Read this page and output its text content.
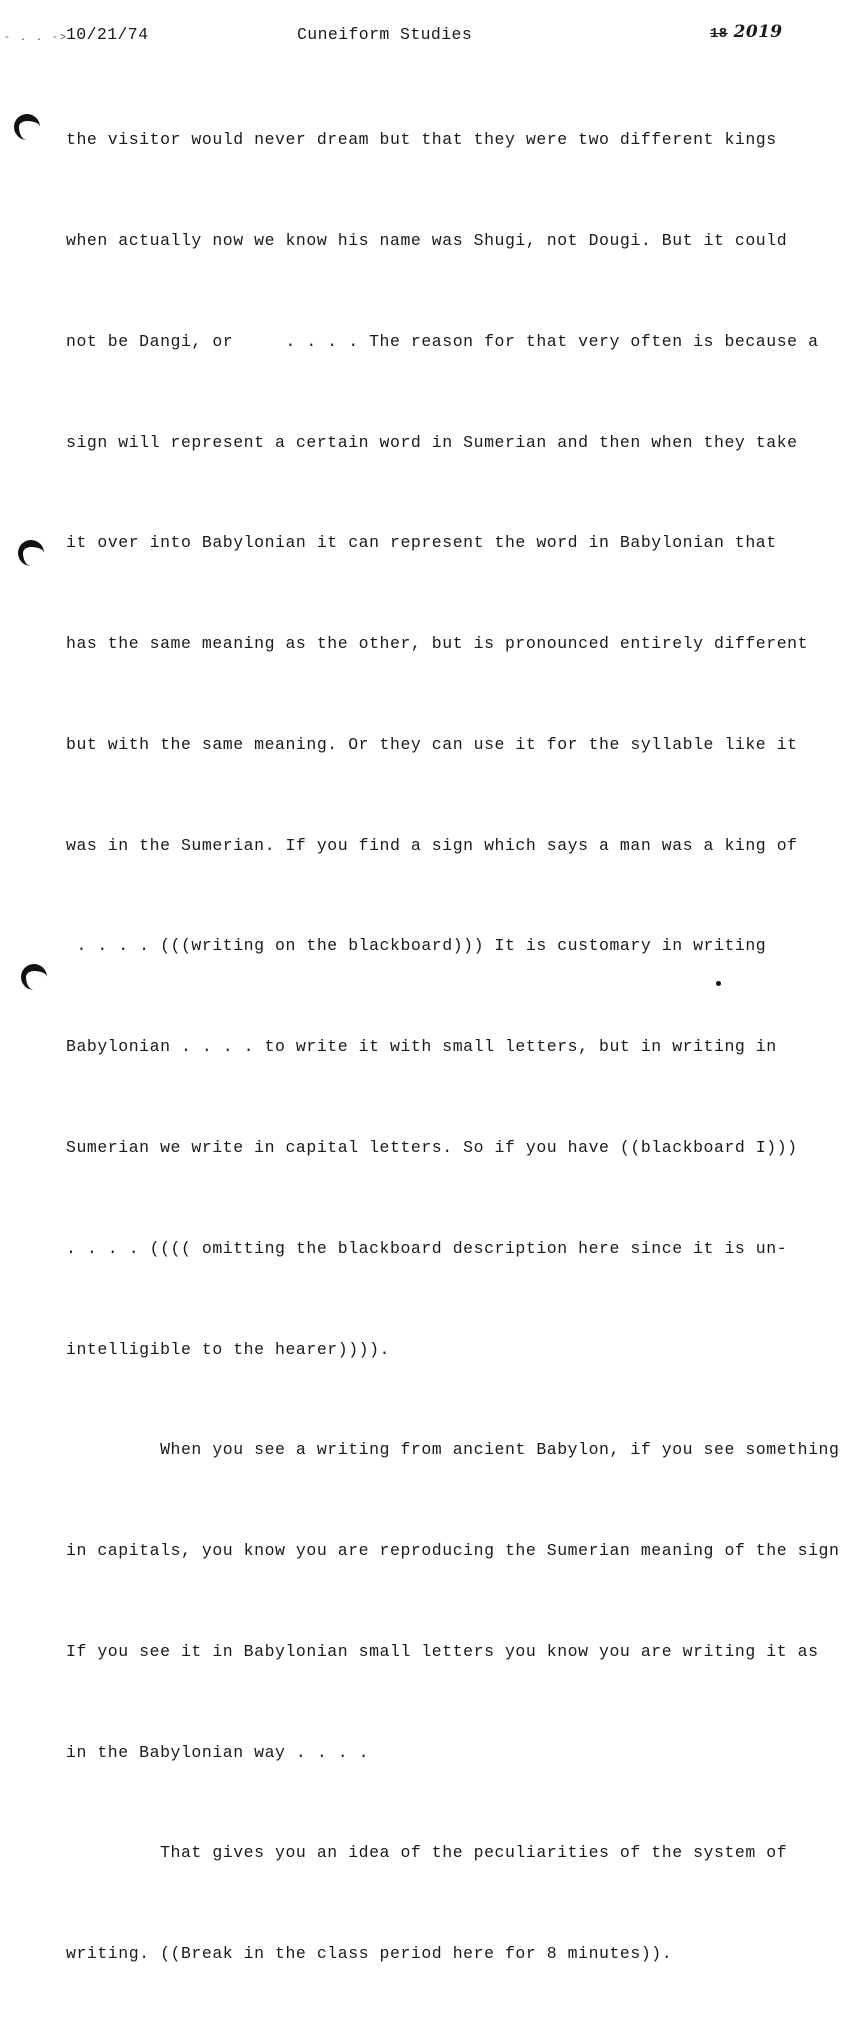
- . . ->
10/21/74	Cuneiform Studies	18 2019

the visitor would never dream but that they were two different kings

when actually now we know his name was Shugi, not Dougi. But it could

not be Dangi, or     . . . . The reason for that very often is because a

sign will represent a certain word in Sumerian and then when they take

it over into Babylonian it can represent the word in Babylonian that

has the same meaning as the other, but is pronounced entirely different

but with the same meaning. Or they can use it for the syllable like it

was in the Sumerian. If you find a sign which says a man was a king of

. . . . (((writing on the blackboard))) It is customary in writing

Babylonian . . . . to write it with small letters, but in writing in

Sumerian we write in capital letters. So if you have ((blackboard I)))

. . . . (((( omitting the blackboard description here since it is un-

intelligible to the hearer)))).

When you see a writing from ancient Babylon, if you see something

in capitals, you know you are reproducing the Sumerian meaning of the sign

If you see it in Babylonian small letters you know you are writing it as

in the Babylonian way . . . .

That gives you an idea of the peculiarities of the system of

writing. ((Break in the class period here for 8 minutes)).
